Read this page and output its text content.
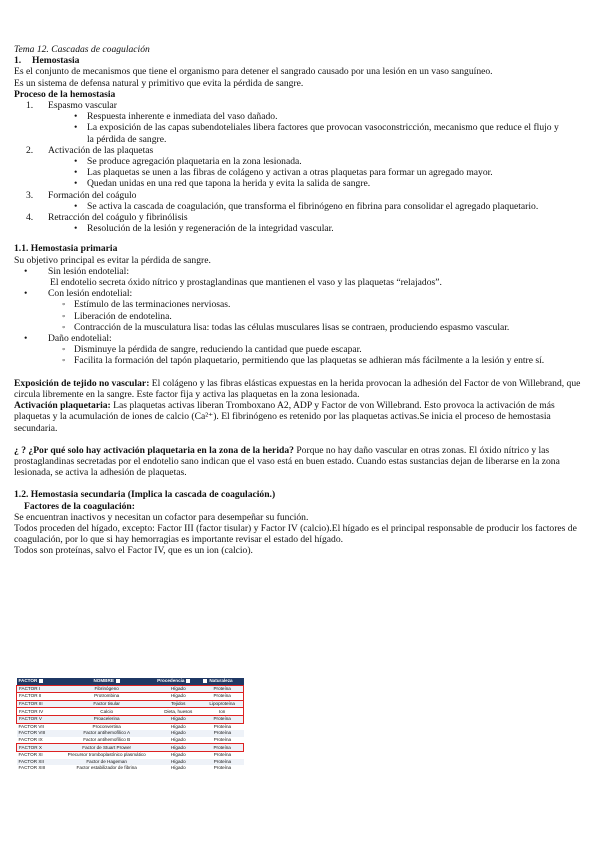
Tema 12. Cascadas de coagulación
1.	Hemostasia
Es el conjunto de mecanismos que tiene el organismo para detener el sangrado causado por una lesión en un vaso sanguíneo.
Es un sistema de defensa natural y primitivo que evita la pérdida de sangre.
Proceso de la hemostasia
1.	Espasmo vascular
•	Respuesta inherente e inmediata del vaso dañado.
•	La exposición de las capas subendoteliales libera factores que provocan vasoconstricción, mecanismo que reduce el flujo y la pérdida de sangre.
2.	Activación de las plaquetas
•	Se produce agregación plaquetaria en la zona lesionada.
•	Las plaquetas se unen a las fibras de colágeno y activan a otras plaquetas para formar un agregado mayor.
•	Quedan unidas en una red que tapona la herida y evita la salida de sangre.
3.	Formación del coágulo
•	Se activa la cascada de coagulación, que transforma el fibrinógeno en fibrina para consolidar el agregado plaquetario.
4.	Retracción del coágulo y fibrinólisis
•	Resolución de la lesión y regeneración de la integridad vascular.
1.1. Hemostasia primaria
Su objetivo principal es evitar la pérdida de sangre.
•	Sin lesión endotelial:
El endotelio secreta óxido nítrico y prostaglandinas que mantienen el vaso y las plaquetas “relajados”.
•	Con lesión endotelial:
◦ Estímulo de las terminaciones nerviosas.
◦ Liberación de endotelina.
◦ Contracción de la musculatura lisa: todas las células musculares lisas se contraen, produciendo espasmo vascular.
•	Daño endotelial:
◦ Disminuye la pérdida de sangre, reduciendo la cantidad que puede escapar.
◦ Facilita la formación del tapón plaquetario, permitiendo que las plaquetas se adhieran más fácilmente a la lesión y entre sí.
Exposición de tejido no vascular: El colágeno y las fibras elásticas expuestas en la herida provocan la adhesión del Factor de von Willebrand, que circula libremente en la sangre. Este factor fija y activa las plaquetas en la zona lesionada.
Activación plaquetaria: Las plaquetas activas liberan Tromboxano A2, ADP y Factor de von Willebrand. Esto provoca la activación de más plaquetas y la acumulación de iones de calcio (Ca²⁺). El fibrinógeno es retenido por las plaquetas activas.Se inicia el proceso de hemostasia secundaria.
¿ ? ¿Por qué solo hay activación plaquetaria en la zona de la herida? Porque no hay daño vascular en otras zonas. El óxido nítrico y las prostaglandinas secretadas por el endotelio sano indican que el vaso está en buen estado. Cuando estas sustancias dejan de liberarse en la zona lesionada, se activa la adhesión de plaquetas.
1.2. Hemostasia secundaria (Implica la cascada de coagulación.)
Factores de la coagulación:
Se encuentran inactivos y necesitan un cofactor para desempeñar su función.
Todos proceden del hígado, excepto: Factor III (factor tisular) y Factor IV (calcio).El hígado es el principal responsable de producir los factores de coagulación, por lo que si hay hemorragias es importante revisar el estado del hígado.
Todos son proteínas, salvo el Factor IV, que es un ion (calcio).
FACTOR	NOMBRE	Procedencia	Naturaleza
FACTOR I	Fibrinógeno	Hígado	Proteína
FACTOR II	Protrombina	Hígado	Proteína
FACTOR III	Factor tisular	Tejidos	Lipoproteína
FACTOR IV	Calcio	Dieta, huesos	Ion
FACTOR V	Proacelerina	Hígado	Proteína
FACTOR VII	Proconvertina	Hígado	Proteína
FACTOR VIII	Factor antihemofílico A	Hígado	Proteína
FACTOR IX	Factor antihemofílico B	Hígado	Proteína
FACTOR X	Factor de Stuart Prower	Hígado	Proteína
FACTOR XI	Precursor tromboplastínico plasmático	Hígado	Proteína
FACTOR XII	Factor de Hageman	Hígado	Proteína
FACTOR XIII	Factor estabilizador de fibrina	Hígado	Proteína
